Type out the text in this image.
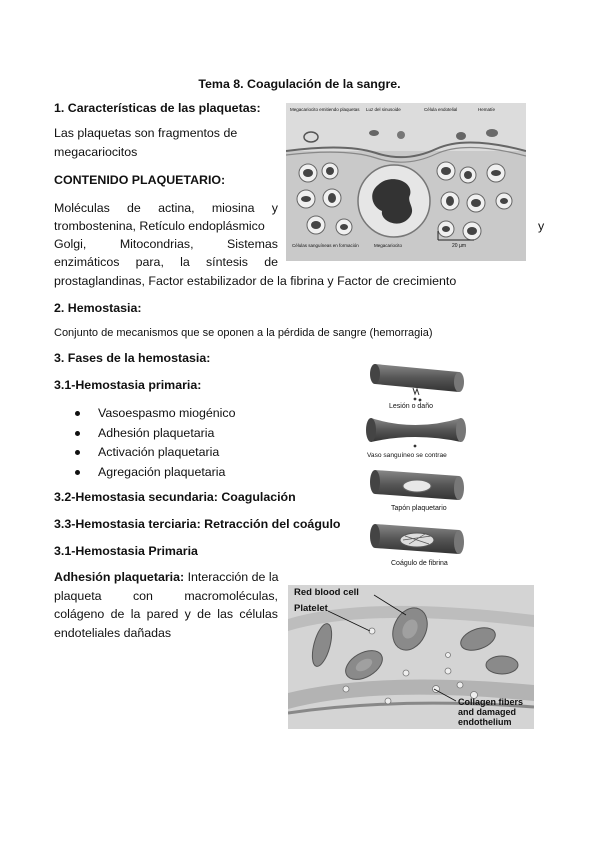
Tema 8. Coagulación de la sangre.
1. Características de las plaquetas:
Las plaquetas son fragmentos de
megacariocitos
CONTENIDO PLAQUETARIO:
Moléculas de actina, miosina y
trombostenina, Retículo endoplásmico	y
Golgi, Mitocondrias, Sistemas
enzimáticos para, la síntesis de
prostaglandinas, Factor estabilizador de la fibrina y Factor de crecimiento
Megacariocito emitiendo plaquetas Luz del sinusoide	Célula endotelial	Hematíe
Células sanguíneas en formación	Megacariocito	20 µm
2. Hemostasia:
Conjunto de mecanismos que se oponen a la pérdida de sangre (hemorragia)
3. Fases de la hemostasia:
3.1-Hemostasia primaria:
Vasoespasmo miogénico
Adhesión plaquetaria
Activación plaquetaria
Agregación plaquetaria
3.2-Hemostasia secundaria: Coagulación
3.3-Hemostasia terciaria: Retracción del coágulo
3.1-Hemostasia Primaria
Adhesión plaquetaria: Interacción de la
plaqueta con macromoléculas,
colágeno de la pared y de las células
endoteliales dañadas
Lesión o daño
Vaso sanguíneo se contrae
Tapón plaquetario
Coágulo de fibrina
Red blood cell
Platelet
Collagen fibers
and damaged
endothelium
